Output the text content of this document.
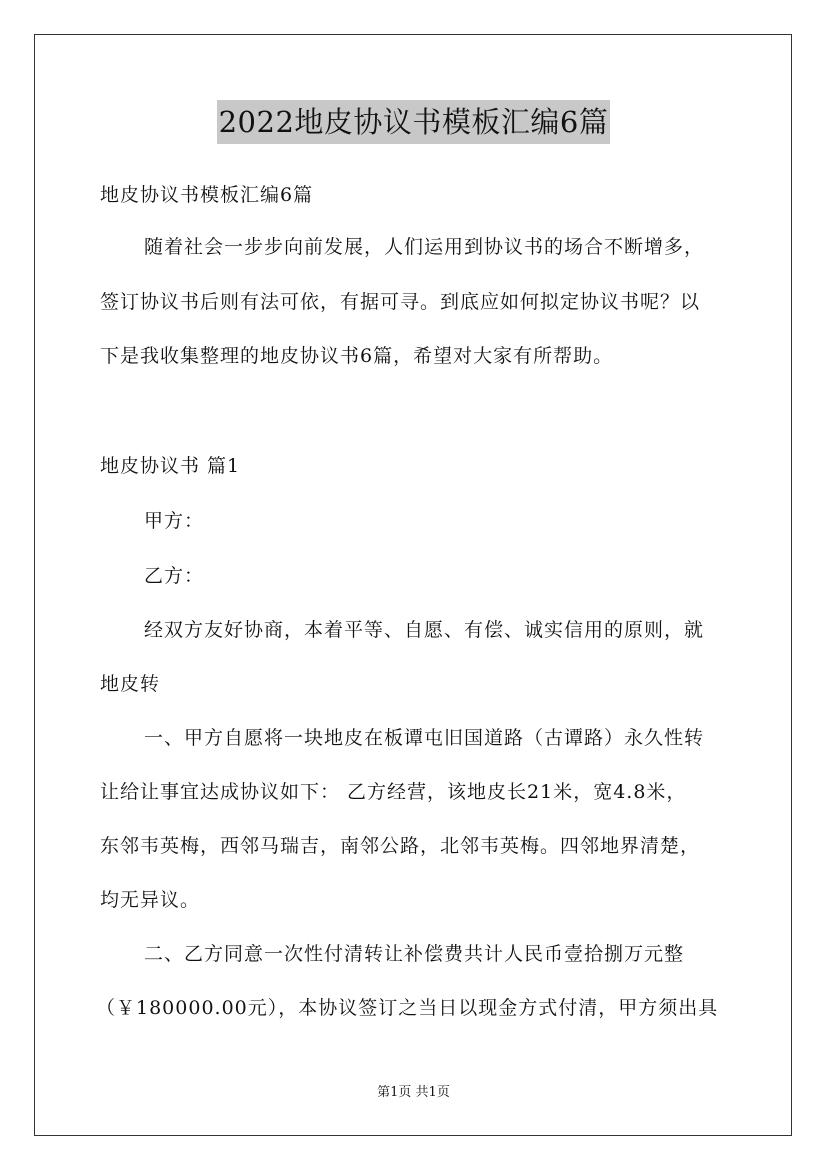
2022地皮协议书模板汇编6篇
地皮协议书模板汇编6篇
随着社会一步步向前发展，人们运用到协议书的场合不断增多，
签订协议书后则有法可依，有据可寻。到底应如何拟定协议书呢？以
下是我收集整理的地皮协议书6篇，希望对大家有所帮助。
地皮协议书 篇1
甲方：
乙方：
经双方友好协商，本着平等、自愿、有偿、诚实信用的原则，就
地皮转
一、甲方自愿将一块地皮在板谭屯旧国道路（古谭路）永久性转
让给让事宜达成协议如下： 乙方经营，该地皮长21米，宽4.8米，
东邻韦英梅，西邻马瑞吉，南邻公路，北邻韦英梅。四邻地界清楚，
均无异议。
二、乙方同意一次性付清转让补偿费共计人民币壹拾捌万元整
（￥180000.00元），本协议签订之当日以现金方式付清，甲方须出具
第1页 共1页
